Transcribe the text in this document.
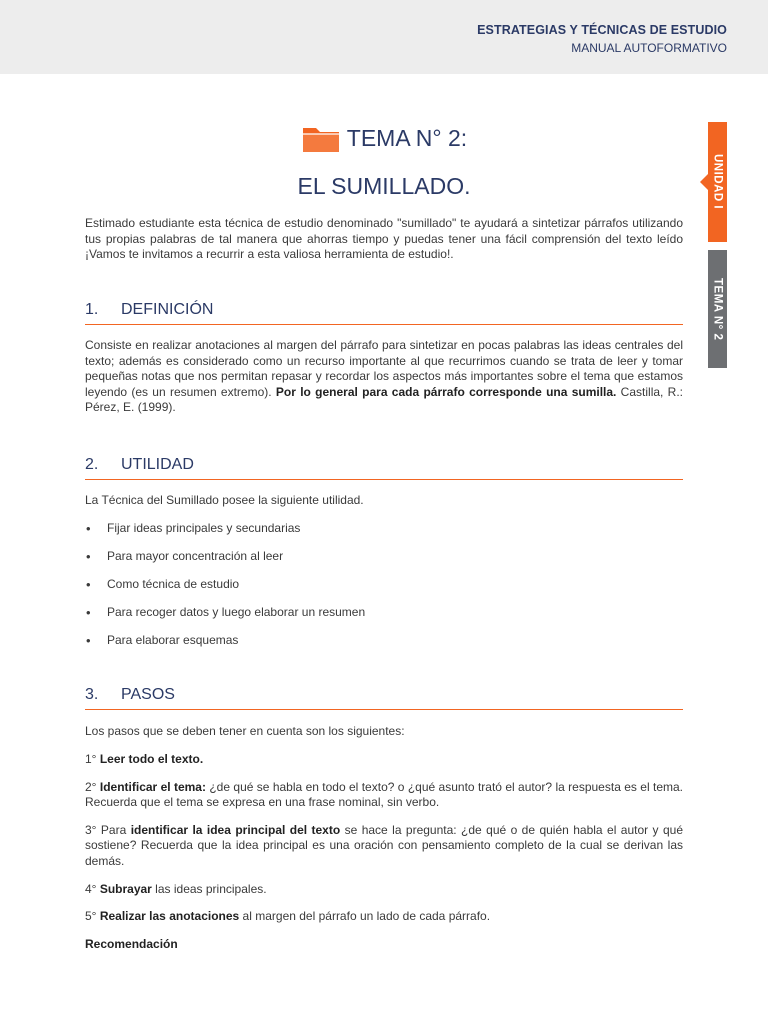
ESTRATEGIAS Y TÉCNICAS DE ESTUDIO
MANUAL AUTOFORMATIVO
UNIDAD I
TEMA N° 2
TEMA N° 2:
EL SUMILLADO.
Estimado estudiante esta técnica de estudio denominado "sumillado" te ayudará a sintetizar párrafos utilizando tus propias palabras de tal manera que ahorras tiempo y puedas tener una fácil comprensión del texto leído ¡Vamos te invitamos a recurrir a esta valiosa herramienta de estudio!.
1. DEFINICIÓN
Consiste en realizar anotaciones al margen del párrafo para sintetizar en pocas palabras las ideas centrales del texto; además es considerado como un recurso importante al que recurrimos cuando se trata de leer y tomar pequeñas notas que nos permitan repasar y recordar los aspectos más importantes sobre el tema que estamos leyendo (es un resumen extremo). Por lo general para cada párrafo corresponde una sumilla. Castilla, R.: Pérez, E. (1999).
2. UTILIDAD
La Técnica del Sumillado posee la siguiente utilidad.
• Fijar ideas principales y secundarias
• Para mayor concentración al leer
• Como técnica de estudio
• Para recoger datos y luego elaborar un resumen
• Para elaborar esquemas
3. PASOS
Los pasos que se deben tener en cuenta son los siguientes:

1° Leer todo el texto.

2° Identificar el tema: ¿de qué se habla en todo el texto? o ¿qué asunto trató el autor? la respuesta es el tema. Recuerda que el tema se expresa en una frase nominal, sin verbo.

3° Para identificar la idea principal del texto se hace la pregunta: ¿de qué o de quién habla el autor y qué sostiene? Recuerda que la idea principal es una oración con pensamiento completo de la cual se derivan las demás.

4° Subrayar las ideas principales.

5° Realizar las anotaciones al margen del párrafo un lado de cada párrafo.

Recomendación
